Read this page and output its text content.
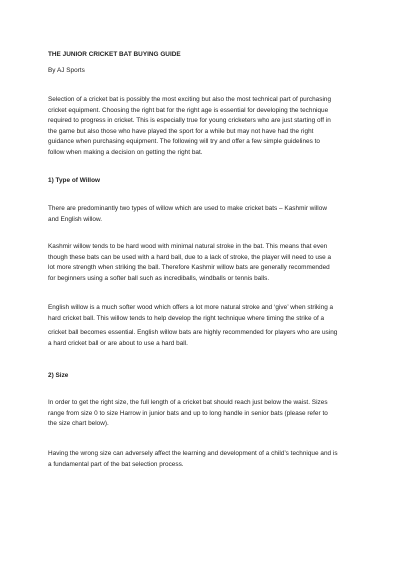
THE JUNIOR CRICKET BAT BUYING GUIDE
By AJ Sports
Selection of a cricket bat is possibly the most exciting but also the most technical part of purchasing
cricket equipment. Choosing the right bat for the right age is essential for developing the technique
required to progress in cricket. This is especially true for young cricketers who are just starting off in
the game but also those who have played the sport for a while but may not have had the right
guidance when purchasing equipment. The following will try and offer a few simple guidelines to
follow when making a decision on getting the right bat.
1) Type of Willow
There are predominantly two types of willow which are used to make cricket bats – Kashmir willow
and English willow.
Kashmir willow tends to be hard wood with minimal natural stroke in the bat. This means that even
though these bats can be used with a hard ball, due to a lack of stroke, the player will need to use a
lot more strength when striking the ball. Therefore Kashmir willow bats are generally recommended
for beginners using a softer ball such as incrediballs, windballs or tennis balls.
English willow is a much softer wood which offers a lot more natural stroke and ‘give’ when striking a
hard cricket ball. This willow tends to help develop the right technique where timing the strike of a
cricket ball becomes essential. English willow bats are highly recommended for players who are using
a hard cricket ball or are about to use a hard ball.
2) Size
In order to get the right size, the full length of a cricket bat should reach just below the waist. Sizes
range from size 0 to size Harrow in junior bats and up to long handle in senior bats (please refer to
the size chart below).
Having the wrong size can adversely affect the learning and development of a child’s technique and is
a fundamental part of the bat selection process.
